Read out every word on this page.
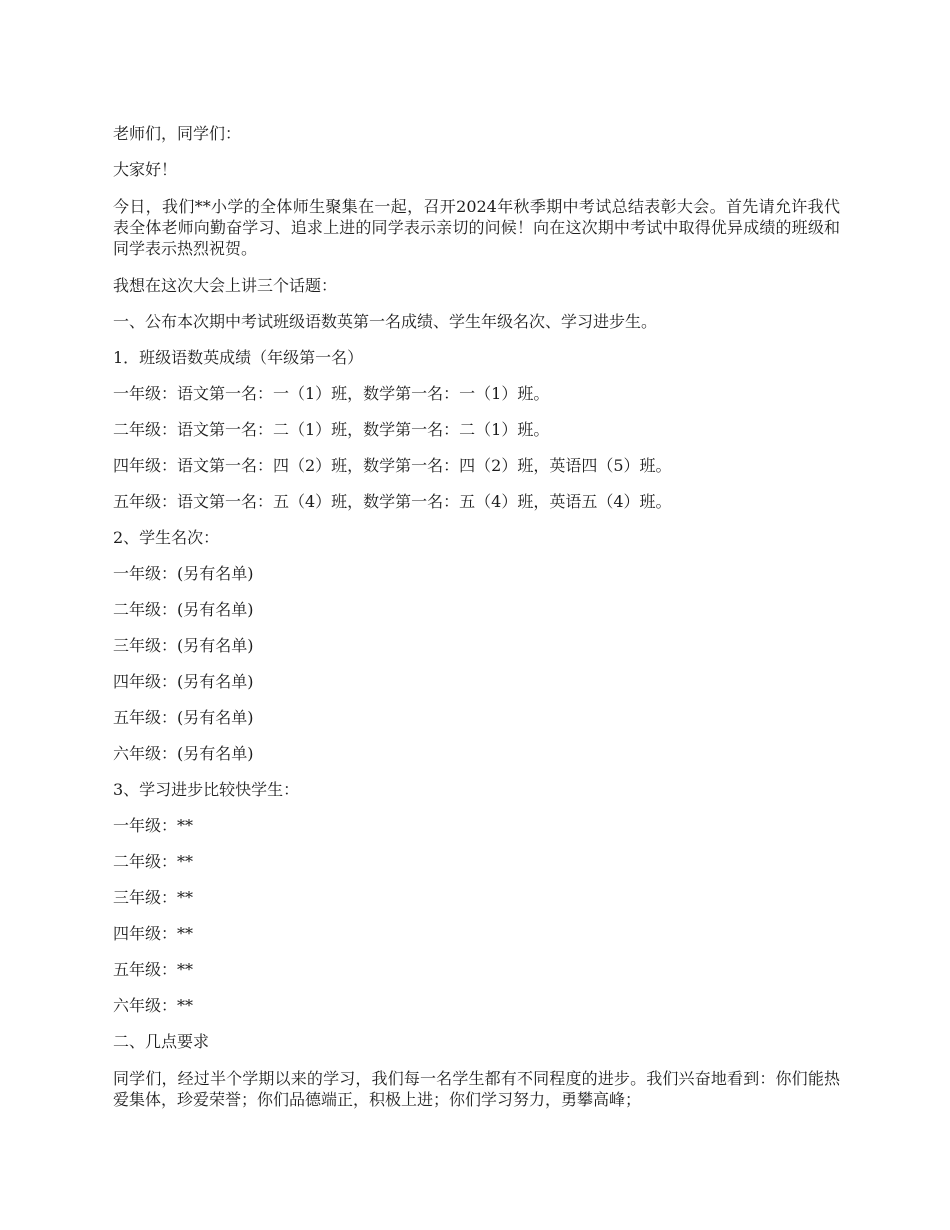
老师们，同学们：

大家好！

今日，我们**小学的全体师生聚集在一起，召开2024年秋季期中考试总结表彰大会。首先请允许我代表全体老师向勤奋学习、追求上进的同学表示亲切的问候！向在这次期中考试中取得优异成绩的班级和同学表示热烈祝贺。

我想在这次大会上讲三个话题：

一、公布本次期中考试班级语数英第一名成绩、学生年级名次、学习进步生。

1．班级语数英成绩（年级第一名）

一年级：语文第一名：一（1）班，数学第一名：一（1）班。

二年级：语文第一名：二（1）班，数学第一名：二（1）班。

四年级：语文第一名：四（2）班，数学第一名：四（2）班，英语四（5）班。

五年级：语文第一名：五（4）班，数学第一名：五（4）班，英语五（4）班。

2、学生名次：

一年级：(另有名单)

二年级：(另有名单)

三年级：(另有名单)

四年级：(另有名单)

五年级：(另有名单)

六年级：(另有名单)

3、学习进步比较快学生：

一年级：**

二年级：**

三年级：**

四年级：**

五年级：**

六年级：**

二、几点要求

同学们，经过半个学期以来的学习，我们每一名学生都有不同程度的进步。我们兴奋地看到：你们能热爱集体，珍爱荣誉；你们品德端正，积极上进；你们学习努力，勇攀高峰；
